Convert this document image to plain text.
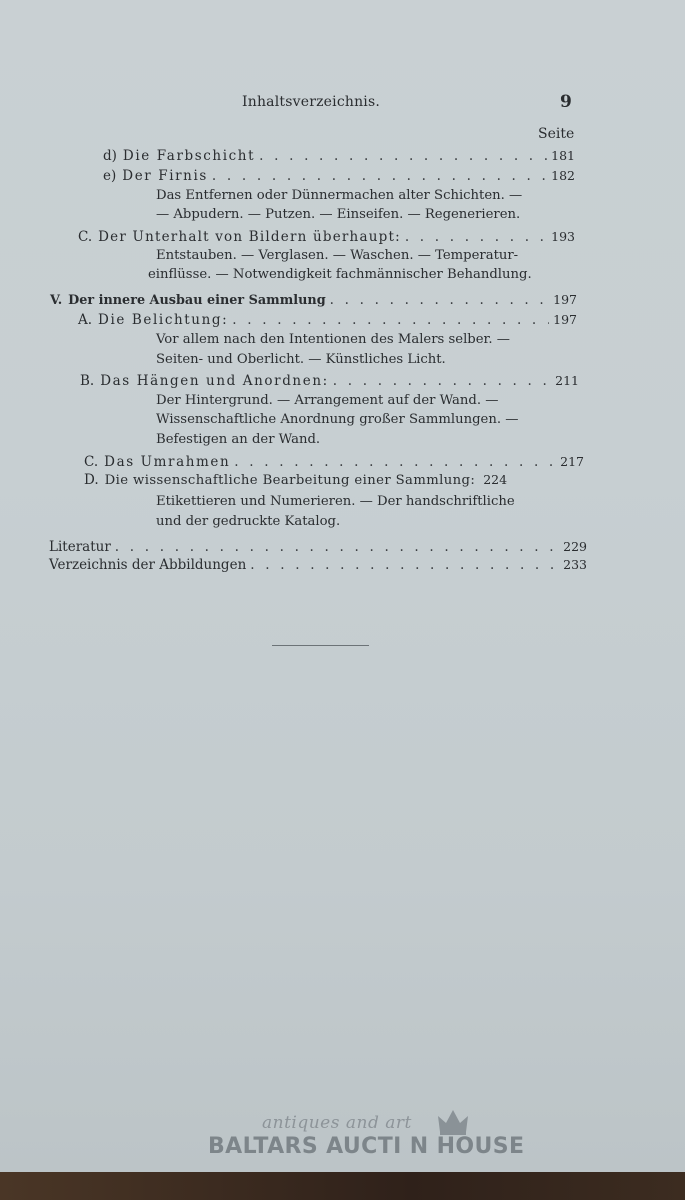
Inhaltsverzeichnis.	9
Seite
d) Die Farbschicht . . .	181
e) Der Firnis . . .	182
Das Entfernen oder Dünnermachen alter Schichten. —
— Abpudern. — Putzen. — Einseifen. — Regenerieren.
C. Der Unterhalt von Bildern überhaupt: . . .	193
Entstauben. — Verglasen. — Waschen. — Temperatur-
einflüsse. — Notwendigkeit fachmännischer Behandlung.
V. Der innere Ausbau einer Sammlung . . .	197
A. Die Belichtung: . . .	197
Vor allem nach den Intentionen des Malers selber. —
Seiten- und Oberlicht. — Künstliches Licht.
B. Das Hängen und Anordnen: . . .	211
Der Hintergrund. — Arrangement auf der Wand. —
Wissenschaftliche Anordnung großer Sammlungen. —
Befestigen an der Wand.
C. Das Umrahmen . . .	217
D. Die wissenschaftliche Bearbeitung einer Sammlung: 224
Etikettieren und Numerieren. — Der handschriftliche
und der gedruckte Katalog.
Literatur . . .	229
Verzeichnis der Abbildungen . . .	233
antiques and art
BALTARS AUCTI N HOUSE
